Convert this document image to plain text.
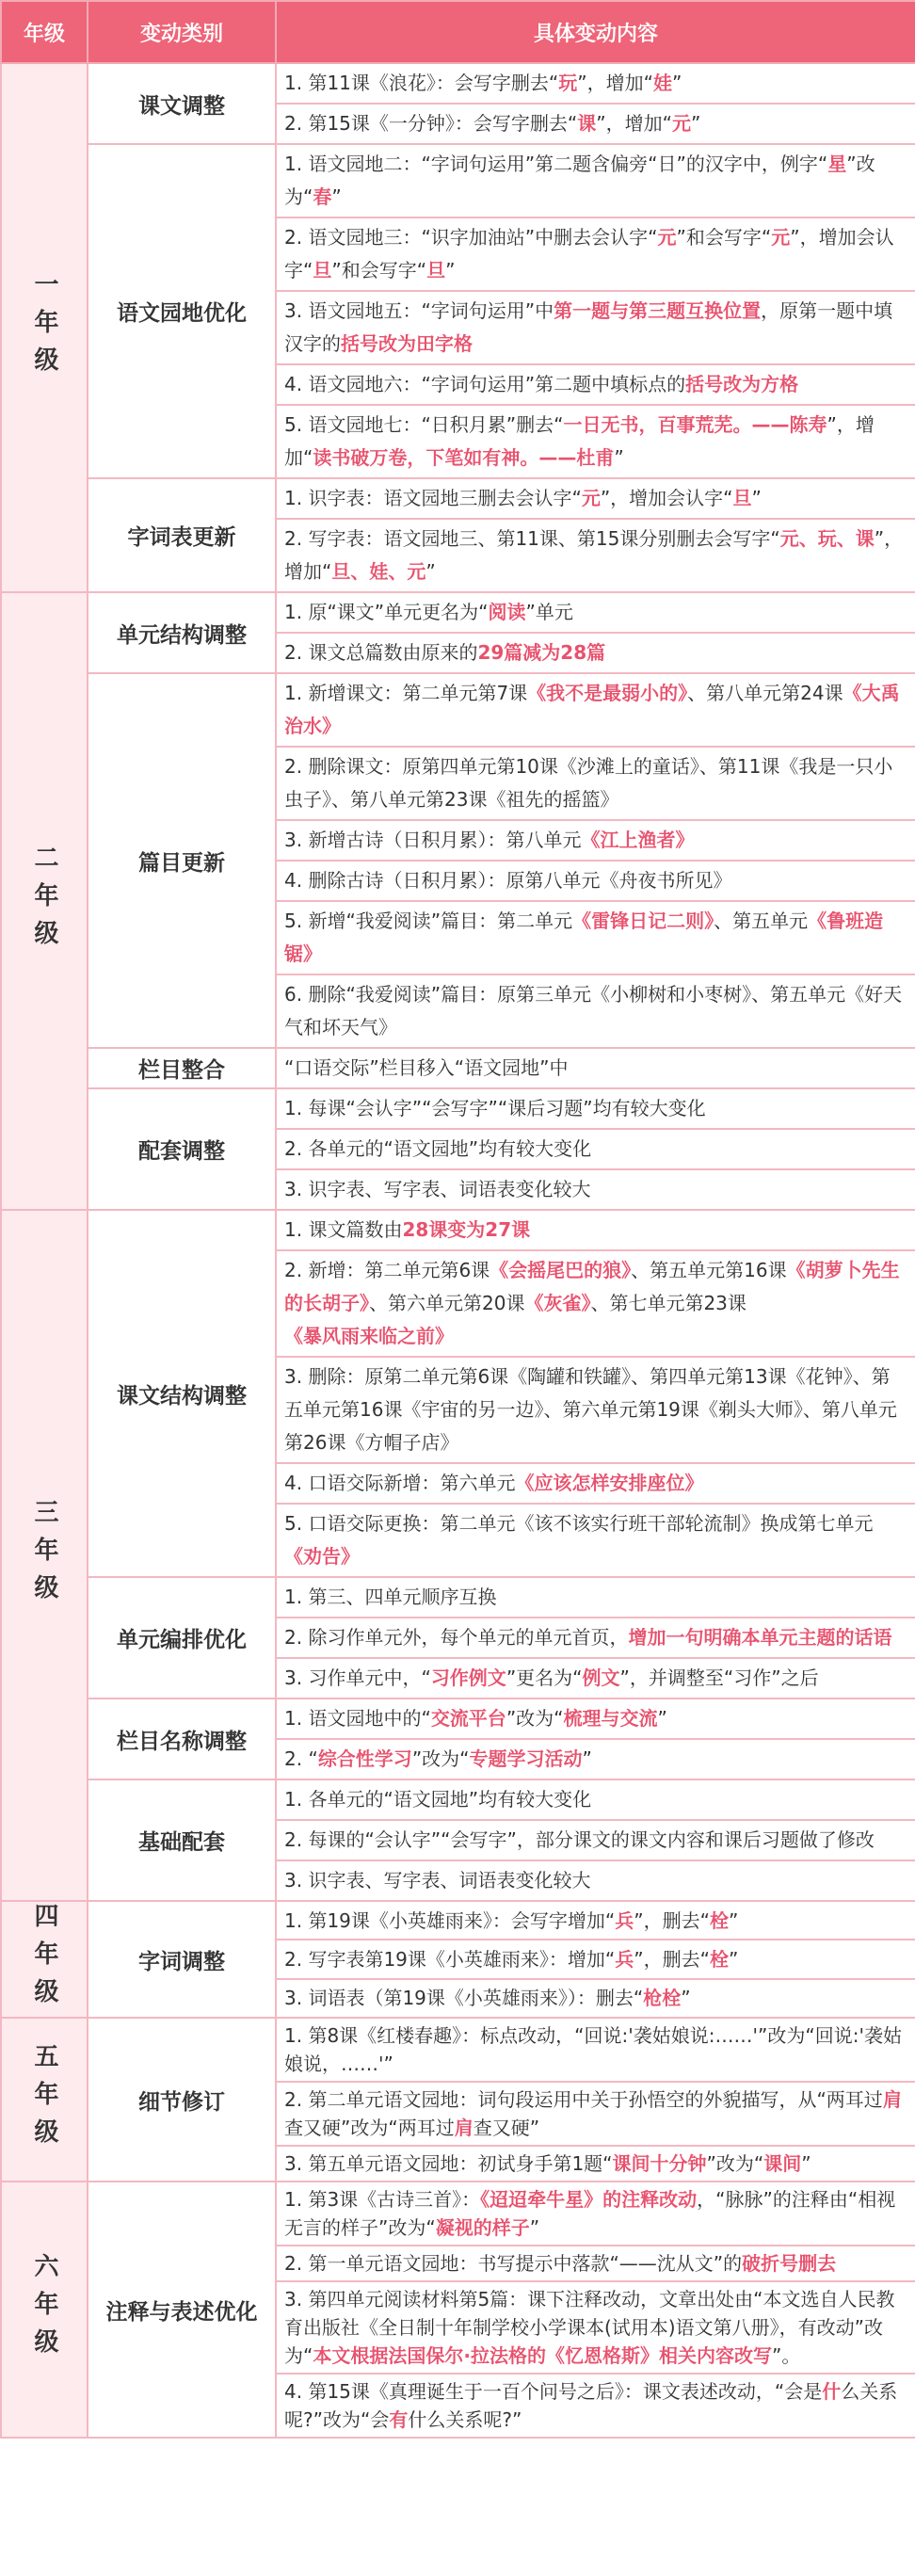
年级	变动类别	具体变动内容
一年级	课文调整	1. 第11课《浪花》：会写字删去“玩”，增加“娃”
		2. 第15课《一分钟》：会写字删去“课”，增加“元”
	语文园地优化	1. 语文园地二：“字词句运用”第二题含偏旁“日”的汉字中，例字“星”改为“春”
		2. 语文园地三：“识字加油站”中删去会认字“元”和会写字“元”，增加会认字“旦”和会写字“旦”
		3. 语文园地五：“字词句运用”中第一题与第三题互换位置，原第一题中填汉字的括号改为田字格
		4. 语文园地六：“字词句运用”第二题中填标点的括号改为方格
		5. 语文园地七：“日积月累”删去“一日无书，百事荒芜。——陈寿”，增加“读书破万卷，下笔如有神。——杜甫”
	字词表更新	1. 识字表：语文园地三删去会认字“元”，增加会认字“旦”
		2. 写字表：语文园地三、第11课、第15课分别删去会写字“元、玩、课”，增加“旦、娃、元”
二年级	单元结构调整	1. 原“课文”单元更名为“阅读”单元
		2. 课文总篇数由原来的29篇减为28篇
	篇目更新	1. 新增课文：第二单元第7课《我不是最弱小的》、第八单元第24课《大禹治水》
		2. 删除课文：原第四单元第10课《沙滩上的童话》、第11课《我是一只小虫子》、第八单元第23课《祖先的摇篮》
		3. 新增古诗（日积月累）：第八单元《江上渔者》
		4. 删除古诗（日积月累）：原第八单元《舟夜书所见》
		5. 新增“我爱阅读”篇目：第二单元《雷锋日记二则》、第五单元《鲁班造锯》
		6. 删除“我爱阅读”篇目：原第三单元《小柳树和小枣树》、第五单元《好天气和坏天气》
	栏目整合	“口语交际”栏目移入“语文园地”中
	配套调整	1. 每课“会认字”“会写字”“课后习题”均有较大变化
		2. 各单元的“语文园地”均有较大变化
		3. 识字表、写字表、词语表变化较大
三年级	课文结构调整	1. 课文篇数由28课变为27课
		2. 新增：第二单元第6课《会摇尾巴的狼》、第五单元第16课《胡萝卜先生的长胡子》、第六单元第20课《灰雀》、第七单元第23课《暴风雨来临之前》
		3. 删除：原第二单元第6课《陶罐和铁罐》、第四单元第13课《花钟》、第五单元第16课《宇宙的另一边》、第六单元第19课《剃头大师》、第八单元第26课《方帽子店》
		4. 口语交际新增：第六单元《应该怎样安排座位》
		5. 口语交际更换：第二单元《该不该实行班干部轮流制》换成第七单元《劝告》
	单元编排优化	1. 第三、四单元顺序互换
		2. 除习作单元外，每个单元的单元首页，增加一句明确本单元主题的话语
		3. 习作单元中，“习作例文”更名为“例文”，并调整至“习作”之后
	栏目名称调整	1. 语文园地中的“交流平台”改为“梳理与交流”
		2. “综合性学习”改为“专题学习活动”
	基础配套	1. 各单元的“语文园地”均有较大变化
		2. 每课的“会认字”“会写字”，部分课文的课文内容和课后习题做了修改
		3. 识字表、写字表、词语表变化较大
四年级	字词调整	1. 第19课《小英雄雨来》：会写字增加“兵”，删去“栓”
		2. 写字表第19课《小英雄雨来》：增加“兵”，删去“栓”
		3. 词语表（第19课《小英雄雨来》）：删去“枪栓”
五年级	细节修订	1. 第8课《红楼春趣》：标点改动，“回说:'袭姑娘说:……'”改为“回说:'袭姑娘说，……'”
		2. 第二单元语文园地：词句段运用中关于孙悟空的外貌描写，从“两耳过肩查又硬”改为“两耳过肩查又硬”
		3. 第五单元语文园地：初试身手第1题“课间十分钟”改为“课间”
六年级	注释与表述优化	1. 第3课《古诗三首》：《迢迢牵牛星》的注释改动，“脉脉”的注释由“相视无言的样子”改为“凝视的样子”
		2. 第一单元语文园地：书写提示中落款“——沈从文”的破折号删去
		3. 第四单元阅读材料第5篇：课下注释改动，文章出处由“本文选自人民教育出版社《全日制十年制学校小学课本(试用本)语文第八册》，有改动”改为“本文根据法国保尔·拉法格的《忆恩格斯》相关内容改写”。
		4. 第15课《真理诞生于一百个问号之后》：课文表述改动，“会是什么关系呢?”改为“会有什么关系呢?”
